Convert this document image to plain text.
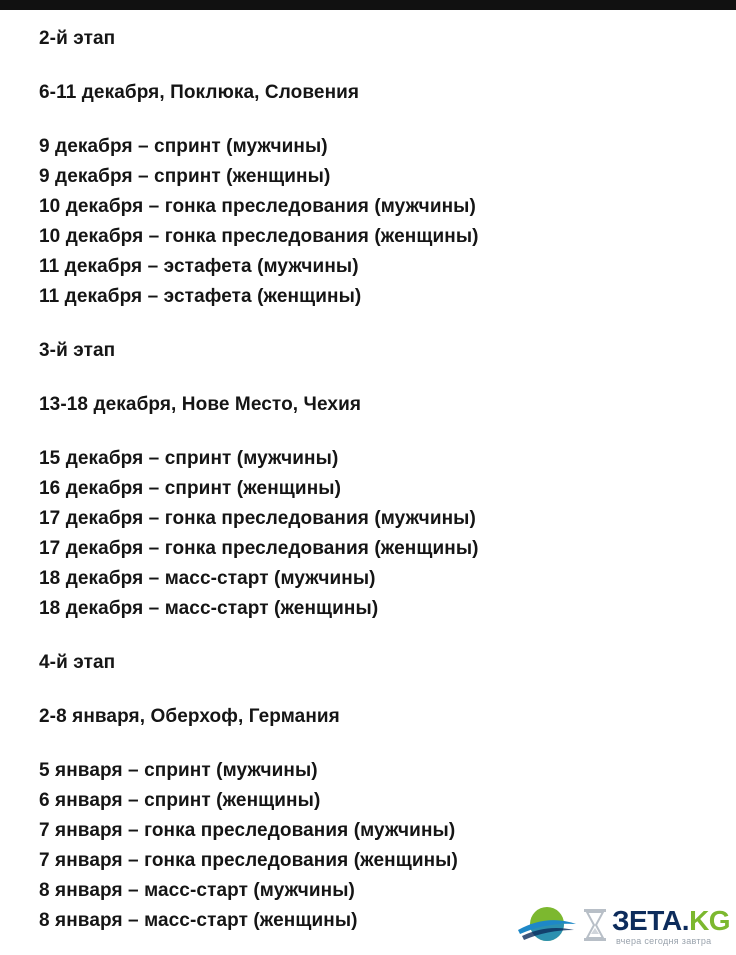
2-й этап
6-11 декабря, Поклюка, Словения
9 декабря – спринт (мужчины)
9 декабря – спринт (женщины)
10 декабря – гонка преследования (мужчины)
10 декабря – гонка преследования (женщины)
11 декабря – эстафета (мужчины)
11 декабря – эстафета (женщины)
3-й этап
13-18 декабря, Нове Место, Чехия
15 декабря – спринт (мужчины)
16 декабря – спринт (женщины)
17 декабря – гонка преследования (мужчины)
17 декабря – гонка преследования (женщины)
18 декабря – масс-старт (мужчины)
18 декабря – масс-старт (женщины)
4-й этап
2-8 января, Оберхоф, Германия
5 января – спринт (мужчины)
6 января – спринт (женщины)
7 января – гонка преследования (мужчины)
7 января – гонка преследования (женщины)
8 января – масс-старт (мужчины)
8 января – масс-старт (женщины)	ЗЕТА.KG
вчера сегодня завтра
